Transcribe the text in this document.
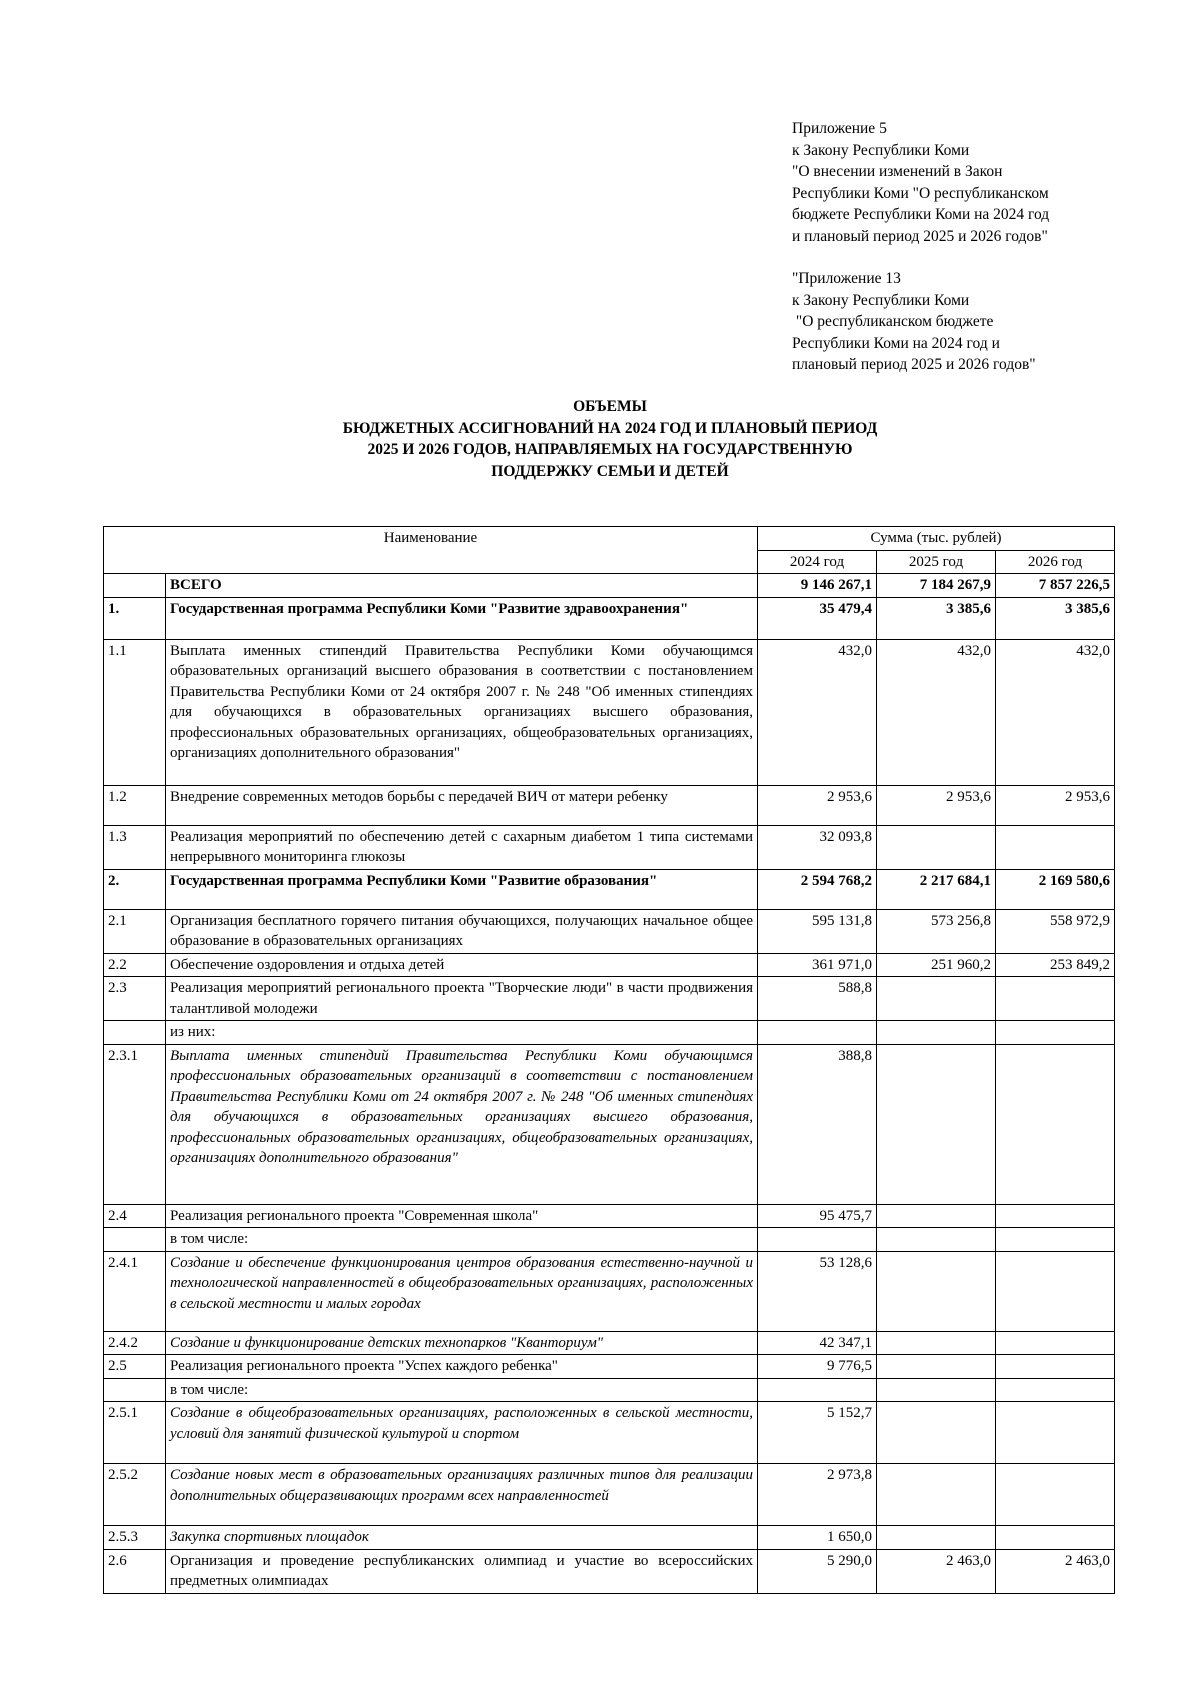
Приложение 5
к Закону Республики Коми
"О внесении изменений в Закон
Республики Коми "О республиканском
бюджете Республики Коми на 2024 год
и плановый период 2025 и 2026 годов"
"Приложение 13
к Закону Республики Коми
"О республиканском бюджете
Республики Коми на 2024 год и
плановый период 2025 и 2026 годов"
ОБЪЕМЫ
БЮДЖЕТНЫХ АССИГНОВАНИЙ НА 2024 ГОД И ПЛАНОВЫЙ ПЕРИОД
2025 И 2026 ГОДОВ, НАПРАВЛЯЕМЫХ НА ГОСУДАРСТВЕННУЮ
ПОДДЕРЖКУ СЕМЬИ И ДЕТЕЙ
Наименование		Сумма (тыс. рублей)		
		2024 год	2025 год	2026 год
	ВСЕГО	9 146 267,1	7 184 267,9	7 857 226,5
1.	Государственная программа Республики Коми "Развитие здравоохранения"	35 479,4	3 385,6	3 385,6
1.1	Выплата именных стипендий Правительства Республики Коми обучающимся образовательных организаций высшего образования в соответствии с постановлением Правительства Республики Коми от 24 октября 2007 г. № 248 "Об именных стипендиях для обучающихся в образовательных организациях высшего образования, профессиональных образовательных организациях, общеобразовательных организациях, организациях дополнительного образования"	432,0	432,0	432,0
1.2	Внедрение современных методов борьбы с передачей ВИЧ от матери ребенку	2 953,6	2 953,6	2 953,6
1.3	Реализация мероприятий по обеспечению детей с сахарным диабетом 1 типа системами непрерывного мониторинга глюкозы	32 093,8		
2.	Государственная программа Республики Коми "Развитие образования"	2 594 768,2	2 217 684,1	2 169 580,6
2.1	Организация бесплатного горячего питания обучающихся, получающих начальное общее образование в образовательных организациях	595 131,8	573 256,8	558 972,9
2.2	Обеспечение оздоровления и отдыха детей	361 971,0	251 960,2	253 849,2
2.3	Реализация мероприятий регионального проекта "Творческие люди" в части продвижения талантливой молодежи	588,8		
	из них:			
2.3.1	Выплата именных стипендий Правительства Республики Коми обучающимся профессиональных образовательных организаций в соответствии с постановлением Правительства Республики Коми от 24 октября 2007 г. № 248 "Об именных стипендиях для обучающихся в образовательных организациях высшего образования, профессиональных образовательных организациях, общеобразовательных организациях, организациях дополнительного образования"	388,8		
2.4	Реализация регионального проекта "Современная школа"	95 475,7		
	в том числе:			
2.4.1	Создание и обеспечение функционирования центров образования естественно-научной и технологической направленностей в общеобразовательных организациях, расположенных в сельской местности и малых городах	53 128,6		
2.4.2	Создание и функционирование детских технопарков "Кванториум"	42 347,1		
2.5	Реализация регионального проекта "Успех каждого ребенка"	9 776,5		
	в том числе:			
2.5.1	Создание в общеобразовательных организациях, расположенных в сельской местности, условий для занятий физической культурой и спортом	5 152,7		
2.5.2	Создание новых мест в образовательных организациях различных типов для реализации дополнительных общеразвивающих программ всех направленностей	2 973,8		
2.5.3	Закупка спортивных площадок	1 650,0		
2.6	Организация и проведение республиканских олимпиад и участие во всероссийских предметных олимпиадах	5 290,0	2 463,0	2 463,0
